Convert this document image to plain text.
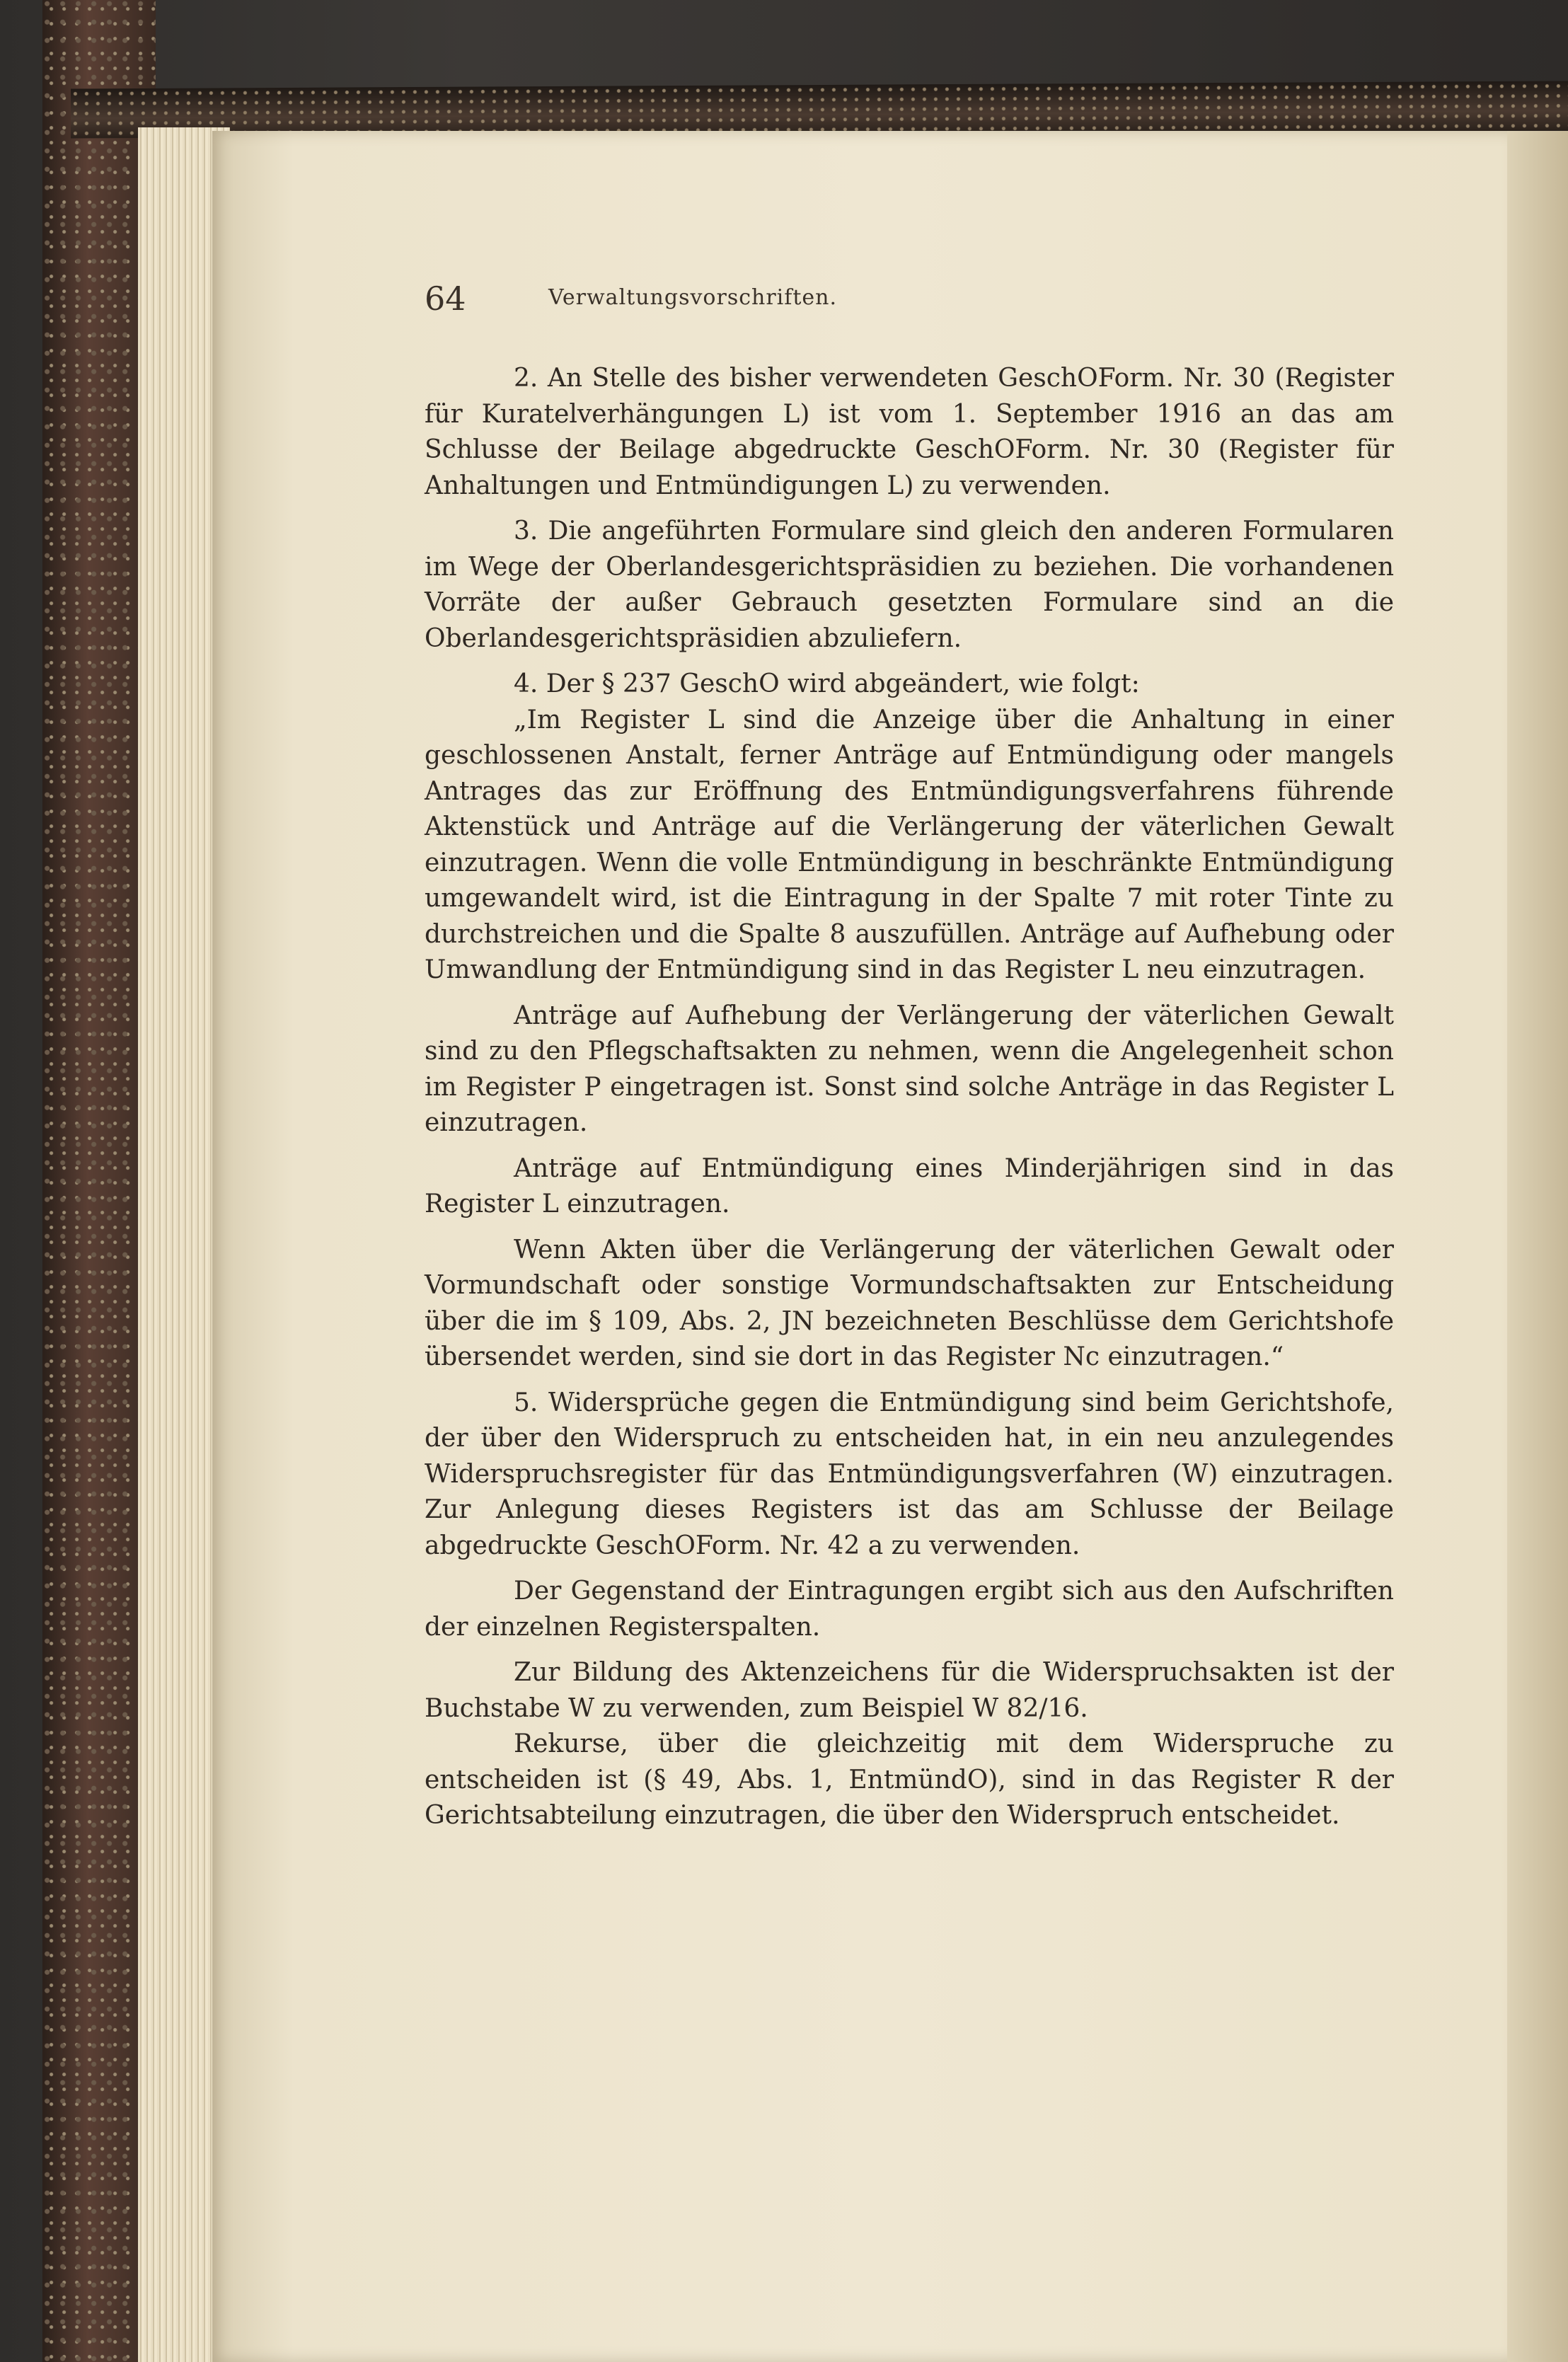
64	Verwaltungsvorschriften.

2. An Stelle des bisher verwendeten GeschOForm. Nr. 30 (Register für Kuratelverhängungen L) ist vom 1. September 1916 an das am Schlusse der Beilage abgedruckte GeschOForm. Nr. 30 (Register für Anhaltungen und Entmündigungen L) zu verwenden.

3. Die angeführten Formulare sind gleich den anderen Formularen im Wege der Oberlandesgerichtspräsidien zu beziehen. Die vorhandenen Vorräte der außer Gebrauch gesetzten Formulare sind an die Oberlandesgerichtspräsidien abzuliefern.

4. Der § 237 GeschO wird abgeändert, wie folgt:

„Im Register L sind die Anzeige über die Anhaltung in einer geschlossenen Anstalt, ferner Anträge auf Entmündigung oder mangels Antrages das zur Eröffnung des Entmündigungsverfahrens führende Aktenstück und Anträge auf die Verlängerung der väterlichen Gewalt einzutragen. Wenn die volle Entmündigung in beschränkte Entmündigung umgewandelt wird, ist die Eintragung in der Spalte 7 mit roter Tinte zu durchstreichen und die Spalte 8 auszufüllen. Anträge auf Aufhebung oder Umwandlung der Entmündigung sind in das Register L neu einzutragen.

Anträge auf Aufhebung der Verlängerung der väterlichen Gewalt sind zu den Pflegschaftsakten zu nehmen, wenn die Angelegenheit schon im Register P eingetragen ist. Sonst sind solche Anträge in das Register L einzutragen.

Anträge auf Entmündigung eines Minderjährigen sind in das Register L einzutragen.

Wenn Akten über die Verlängerung der väterlichen Gewalt oder Vormundschaft oder sonstige Vormundschaftsakten zur Entscheidung über die im § 109, Abs. 2, JN bezeichneten Beschlüsse dem Gerichtshofe übersendet werden, sind sie dort in das Register Nc einzutragen.“

5. Widersprüche gegen die Entmündigung sind beim Gerichtshofe, der über den Widerspruch zu entscheiden hat, in ein neu anzulegendes Widerspruchsregister für das Entmündigungsverfahren (W) einzutragen. Zur Anlegung dieses Registers ist das am Schlusse der Beilage abgedruckte GeschOForm. Nr. 42 a zu verwenden.

Der Gegenstand der Eintragungen ergibt sich aus den Aufschriften der einzelnen Registerspalten.

Zur Bildung des Aktenzeichens für die Widerspruchsakten ist der Buchstabe W zu verwenden, zum Beispiel W 82/16.

Rekurse, über die gleichzeitig mit dem Widerspruche zu entscheiden ist (§ 49, Abs. 1, EntmündO), sind in das Register R der Gerichtsabteilung einzutragen, die über den Widerspruch entscheidet.
